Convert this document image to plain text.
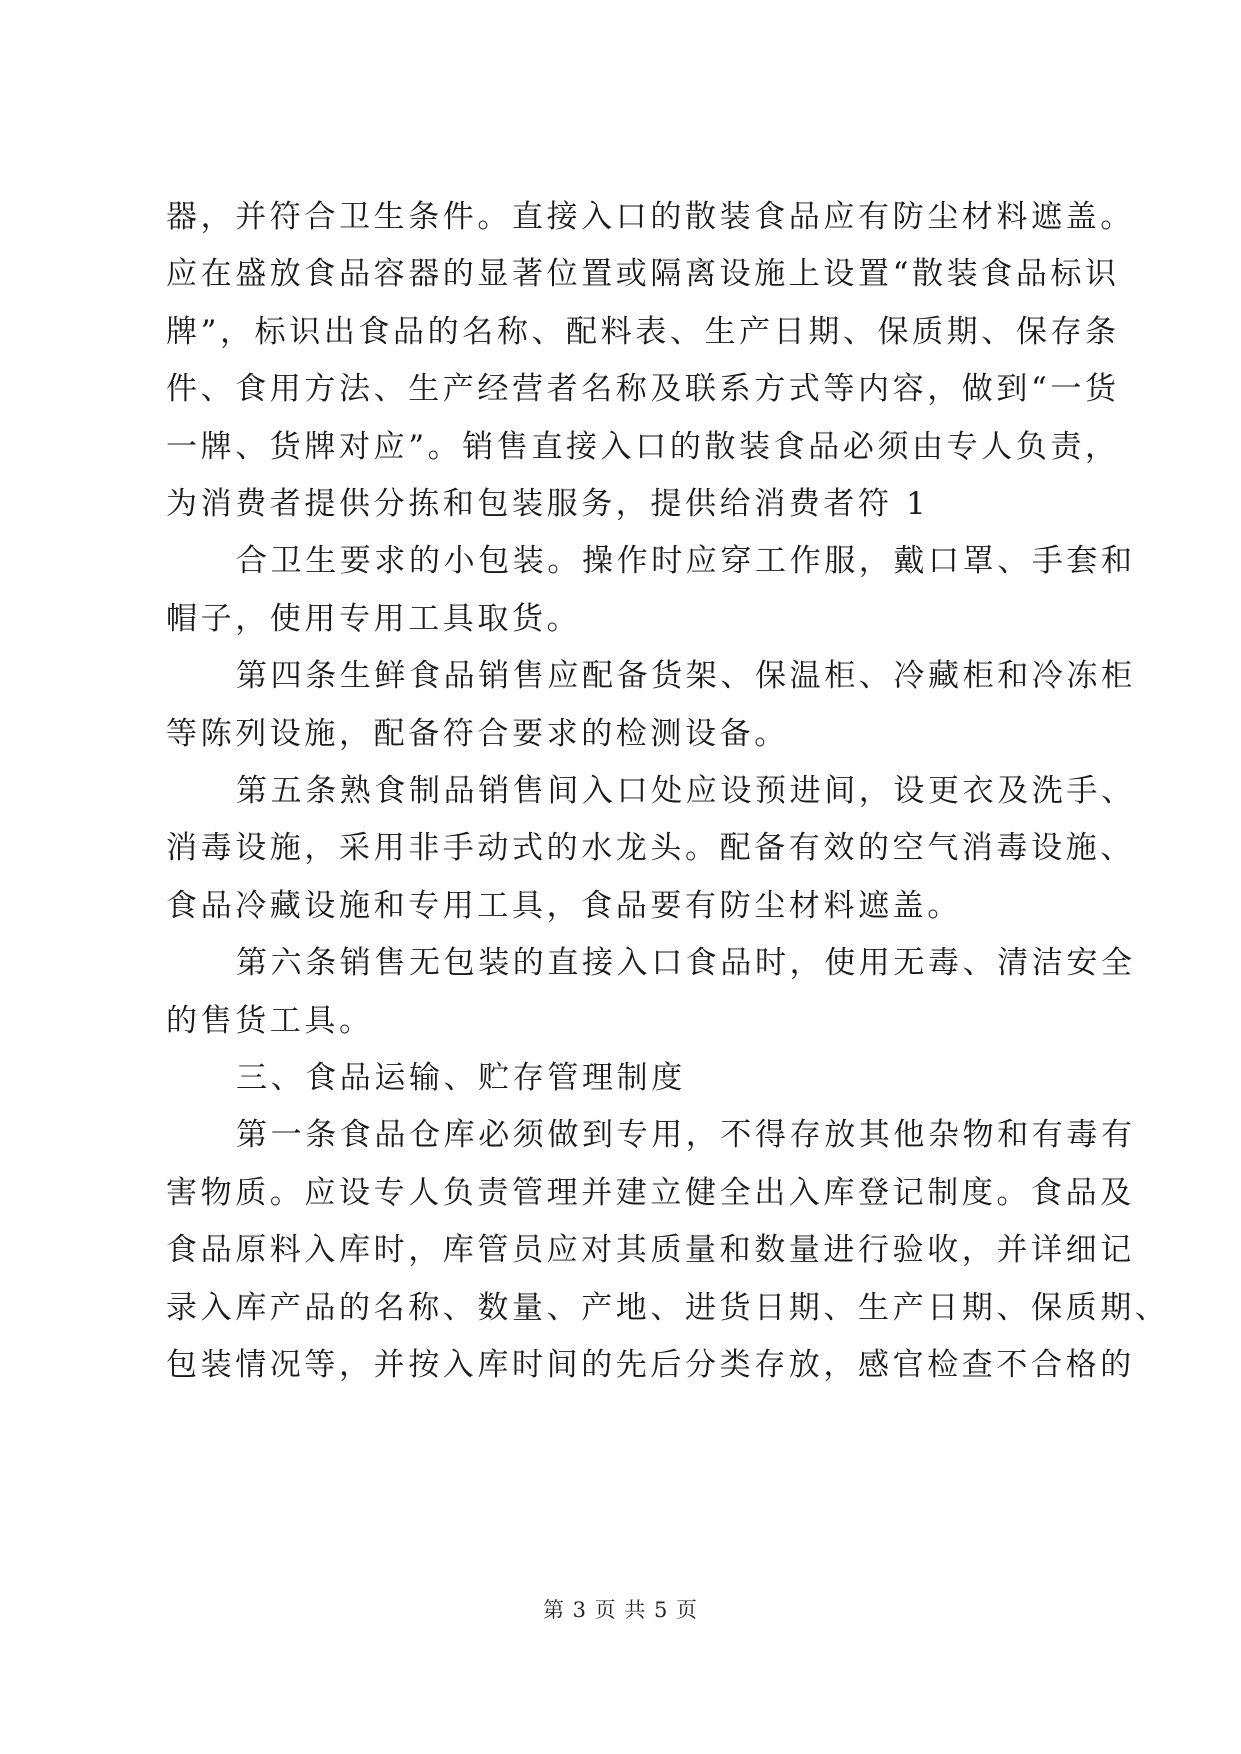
器，并符合卫生条件。直接入口的散装食品应有防尘材料遮盖。
应在盛放食品容器的显著位置或隔离设施上设置“散装食品标识
牌”，标识出食品的名称、配料表、生产日期、保质期、保存条
件、食用方法、生产经营者名称及联系方式等内容，做到“一货
一牌、货牌对应”。销售直接入口的散装食品必须由专人负责，
为消费者提供分拣和包装服务，提供给消费者符 1
合卫生要求的小包装。操作时应穿工作服，戴口罩、手套和
帽子，使用专用工具取货。
第四条生鲜食品销售应配备货架、保温柜、冷藏柜和冷冻柜
等陈列设施，配备符合要求的检测设备。
第五条熟食制品销售间入口处应设预进间，设更衣及洗手、
消毒设施，采用非手动式的水龙头。配备有效的空气消毒设施、
食品冷藏设施和专用工具，食品要有防尘材料遮盖。
第六条销售无包装的直接入口食品时，使用无毒、清洁安全
的售货工具。
三、食品运输、贮存管理制度
第一条食品仓库必须做到专用，不得存放其他杂物和有毒有
害物质。应设专人负责管理并建立健全出入库登记制度。食品及
食品原料入库时，库管员应对其质量和数量进行验收，并详细记
录入库产品的名称、数量、产地、进货日期、生产日期、保质期、
包装情况等，并按入库时间的先后分类存放，感官检查不合格的
第 3 页 共 5 页
